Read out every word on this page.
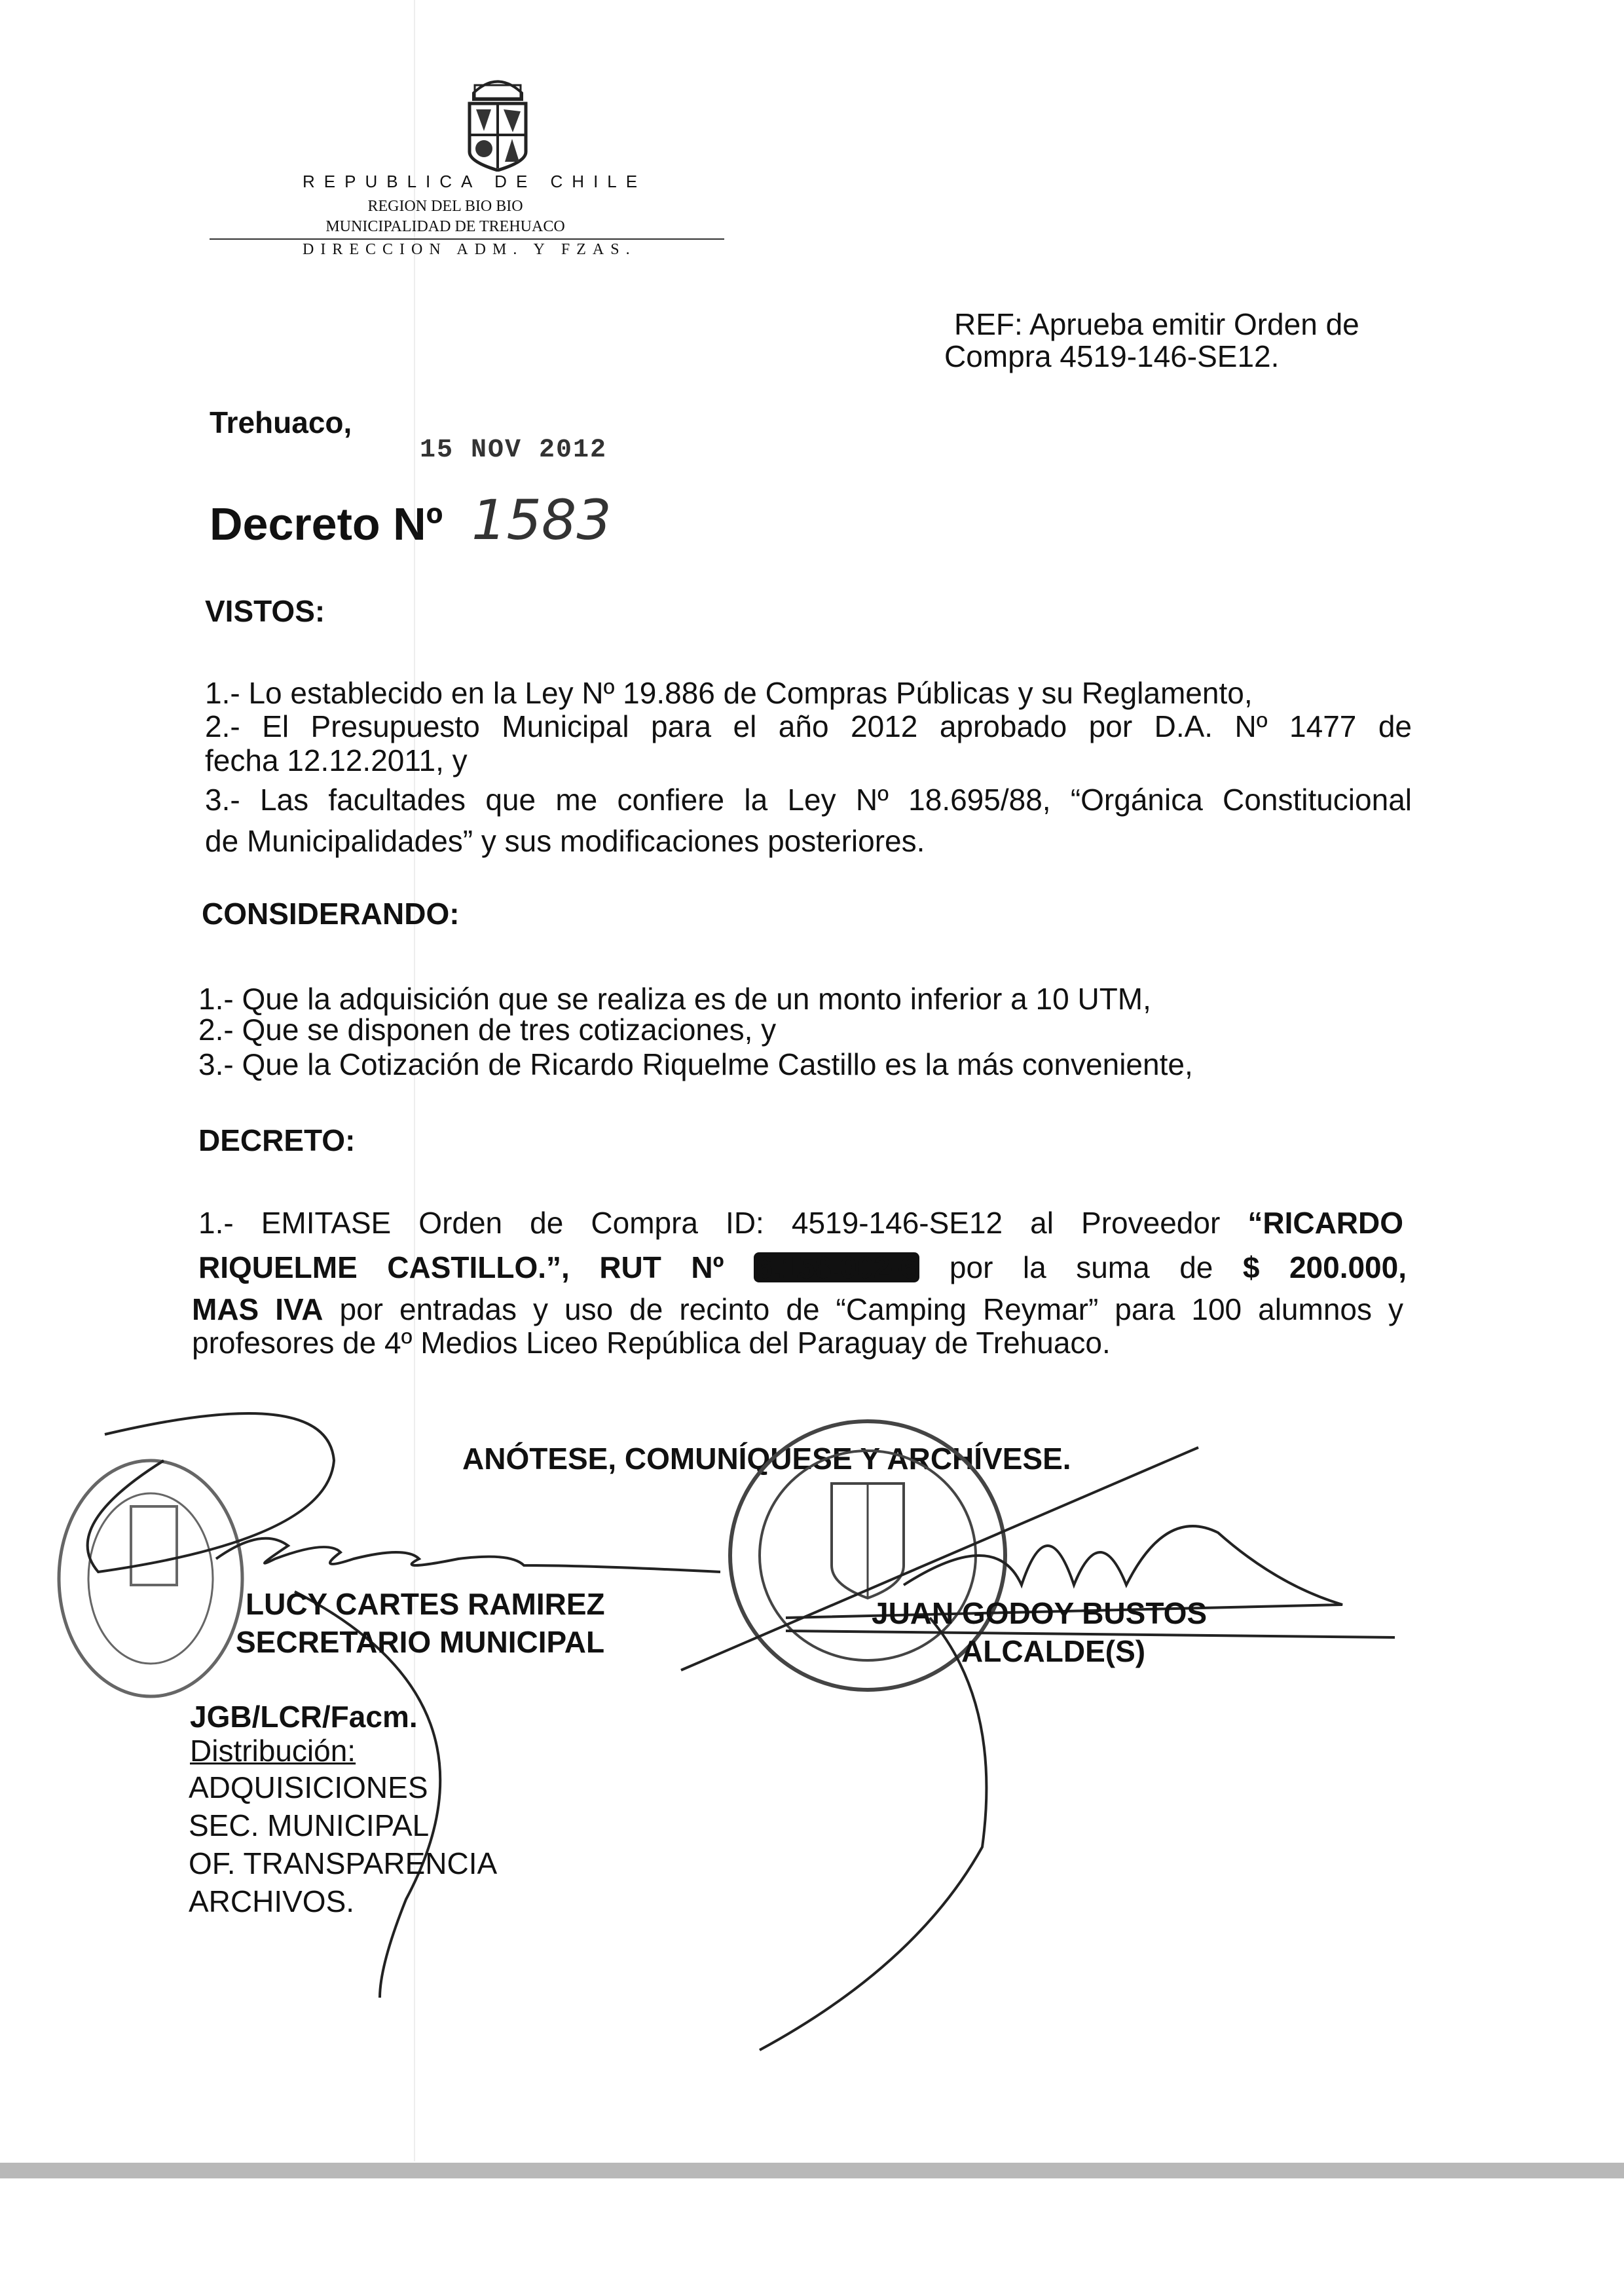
REPUBLICA DE CHILE
REGION DEL BIO BIO
MUNICIPALIDAD DE TREHUACO
DIRECCION ADM. Y FZAS.
REF: Aprueba emitir Orden de
Compra 4519-146-SE12.
Trehuaco,
15 NOV 2012
Decreto Nº 1583
VISTOS:
1.- Lo establecido en la Ley Nº 19.886 de Compras Públicas y su Reglamento,
2.- El Presupuesto Municipal para el año 2012 aprobado por D.A. Nº 1477 de
fecha 12.12.2011, y
3.- Las facultades que me confiere la Ley Nº 18.695/88, “Orgánica Constitucional
de Municipalidades” y sus modificaciones posteriores.
CONSIDERANDO:
1.- Que la adquisición que se realiza es de un monto inferior a 10 UTM,
2.- Que se disponen de tres cotizaciones, y
3.- Que la Cotización de Ricardo Riquelme Castillo es la más conveniente,
DECRETO:
1.- EMITASE Orden de Compra ID: 4519-146-SE12 al Proveedor “RICARDO
RIQUELME CASTILLO.”, RUT Nº 6.158.002-6 por la suma de $ 200.000,
MAS IVA por entradas y uso de recinto de “Camping Reymar” para 100 alumnos y
profesores de 4º Medios Liceo República del Paraguay de Trehuaco.
ANÓTESE, COMUNÍQUESE Y ARCHÍVESE.
LUCY CARTES RAMIREZ
SECRETARIO MUNICIPAL
JUAN GODOY BUSTOS
ALCALDE(S)
JGB/LCR/Facm.
Distribución:
ADQUISICIONES
SEC. MUNICIPAL
OF. TRANSPARENCIA
ARCHIVOS.
